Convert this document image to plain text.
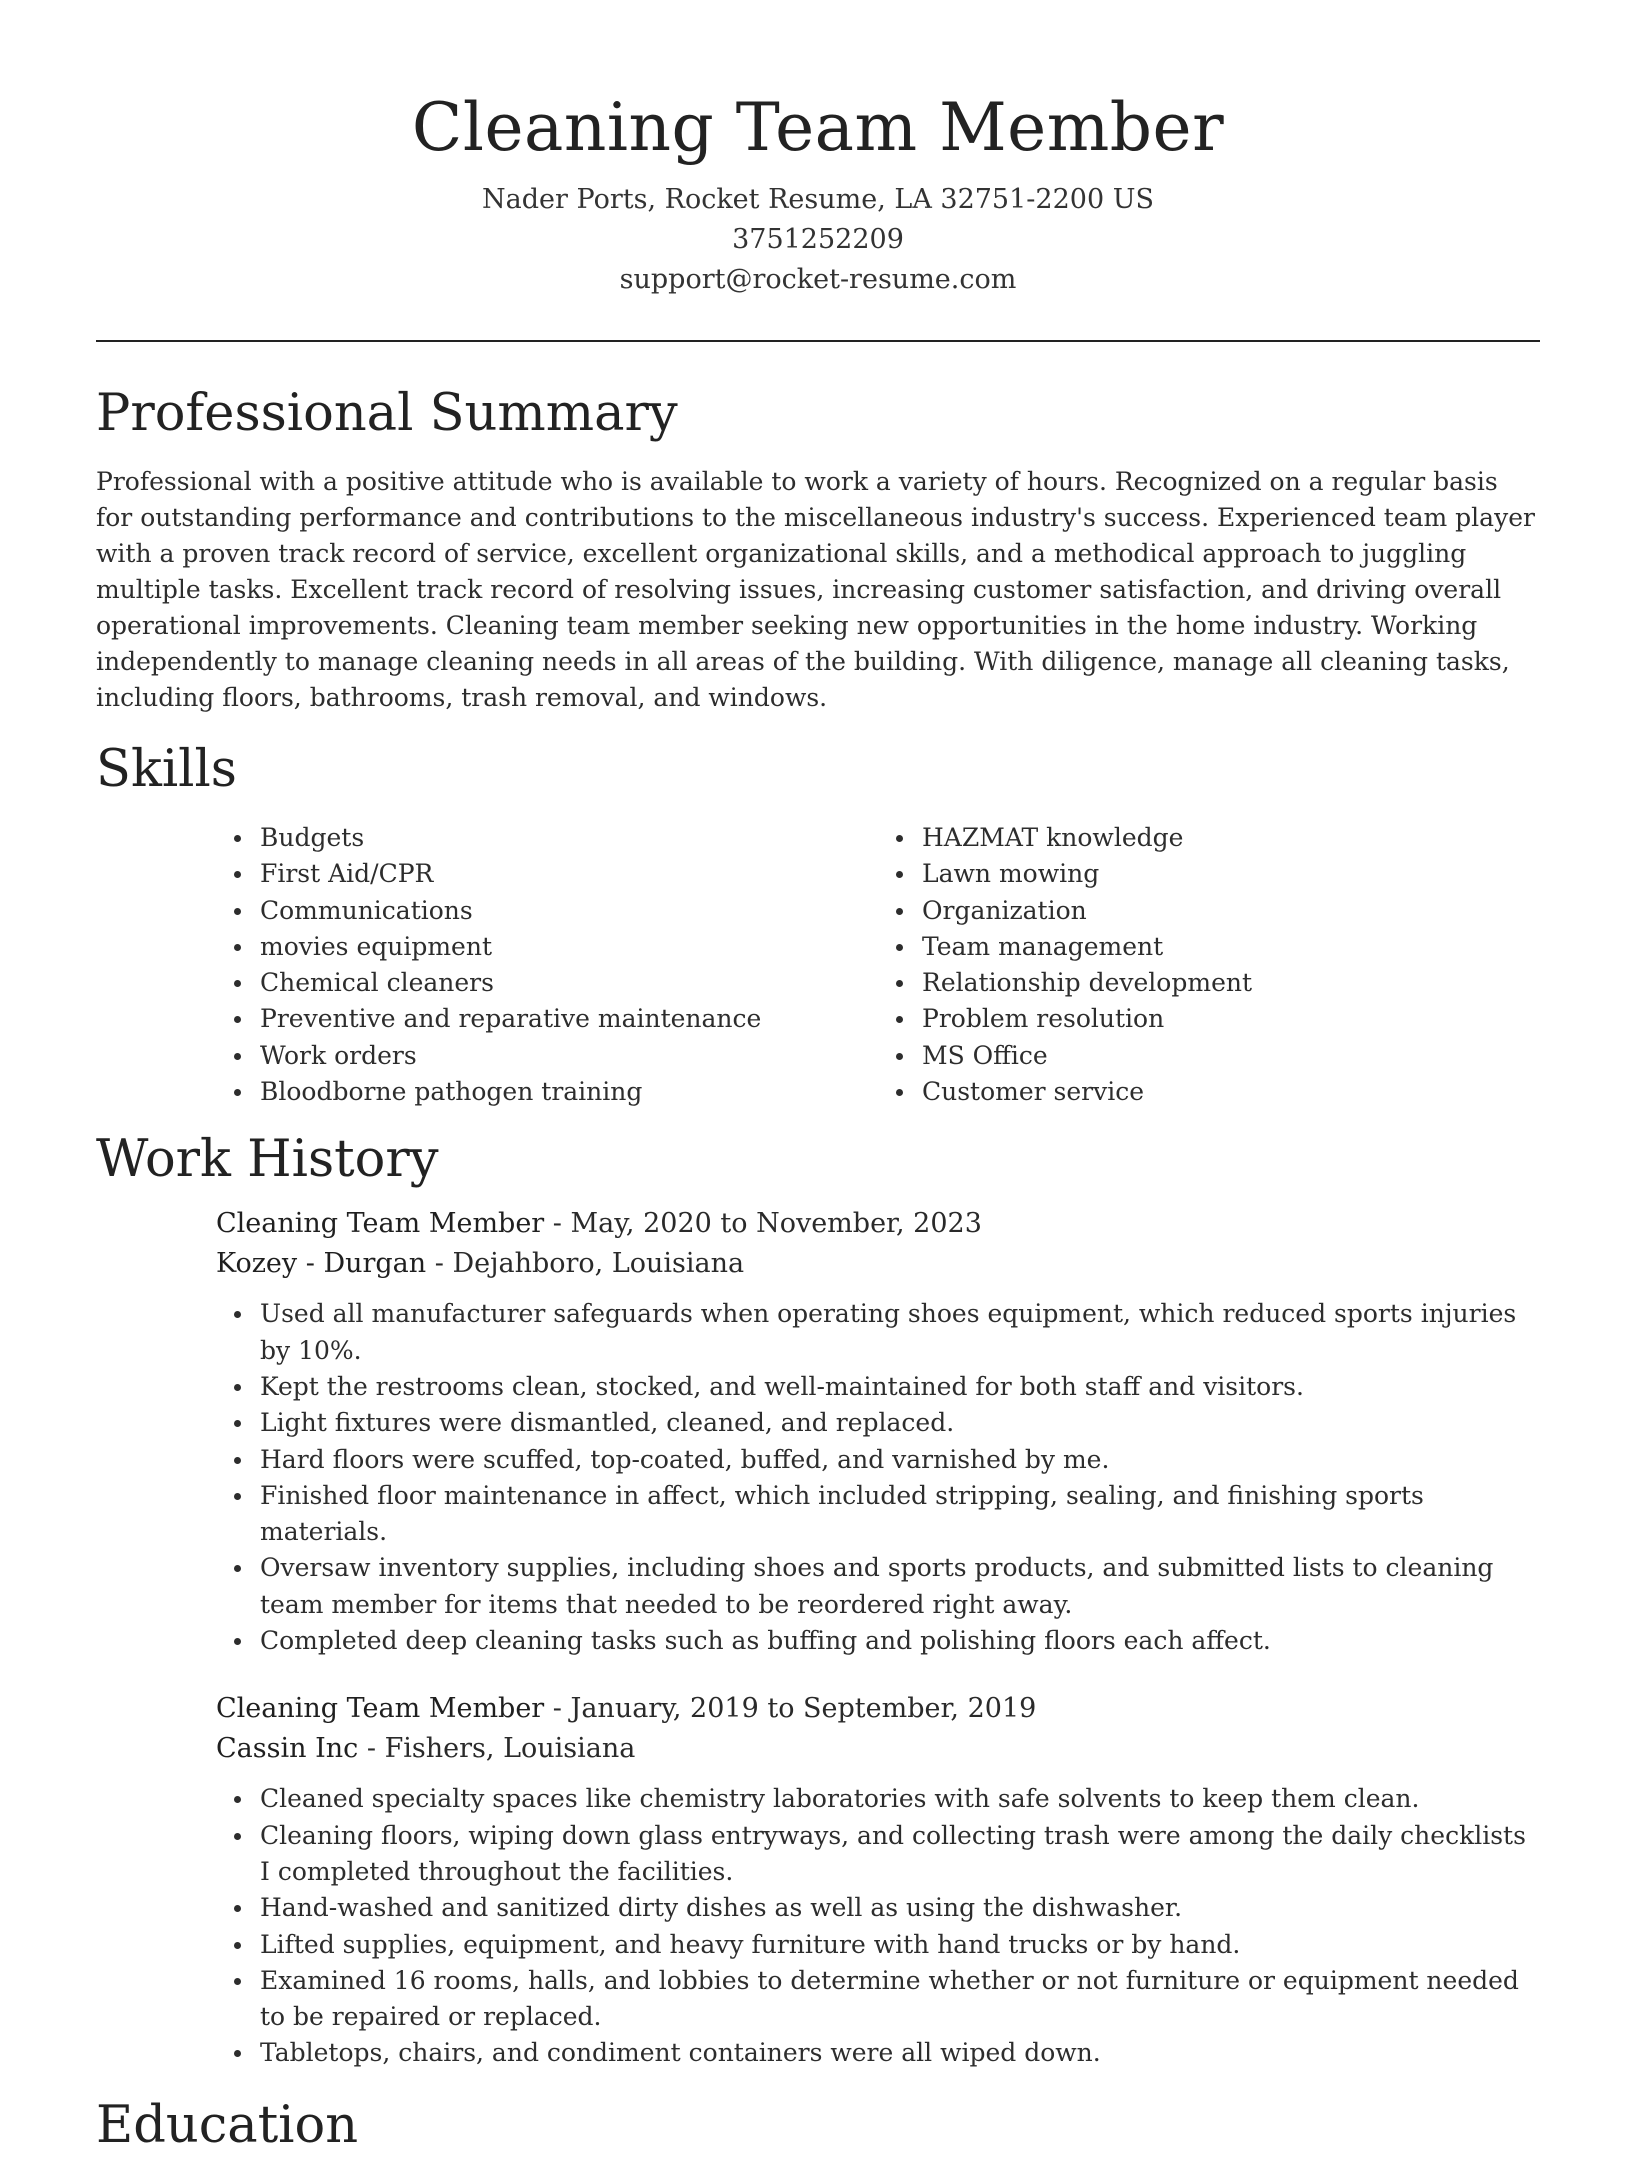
Cleaning Team Member
Nader Ports, Rocket Resume, LA 32751-2200 US
3751252209
support@rocket-resume.com
Professional Summary

Professional with a positive attitude who is available to work a variety of hours. Recognized on a regular basis for outstanding performance and contributions to the miscellaneous industry's success. Experienced team player with a proven track record of service, excellent organizational skills, and a methodical approach to juggling multiple tasks. Excellent track record of resolving issues, increasing customer satisfaction, and driving overall operational improvements. Cleaning team member seeking new opportunities in the home industry. Working independently to manage cleaning needs in all areas of the building. With diligence, manage all cleaning tasks, including floors, bathrooms, trash removal, and windows.

Skills
Budgets
First Aid/CPR
Communications
movies equipment
Chemical cleaners
Preventive and reparative maintenance
Work orders
Bloodborne pathogen training
HAZMAT knowledge
Lawn mowing
Organization
Team management
Relationship development
Problem resolution
MS Office
Customer service
Work History
Cleaning Team Member - May, 2020 to November, 2023
Kozey - Durgan - Dejahboro, Louisiana
Used all manufacturer safeguards when operating shoes equipment, which reduced sports injuries by 10%.
Kept the restrooms clean, stocked, and well-maintained for both staff and visitors.
Light fixtures were dismantled, cleaned, and replaced.
Hard floors were scuffed, top-coated, buffed, and varnished by me.
Finished floor maintenance in affect, which included stripping, sealing, and finishing sports materials.
Oversaw inventory supplies, including shoes and sports products, and submitted lists to cleaning team member for items that needed to be reordered right away.
Completed deep cleaning tasks such as buffing and polishing floors each affect.
Cleaning Team Member - January, 2019 to September, 2019
Cassin Inc - Fishers, Louisiana
Cleaned specialty spaces like chemistry laboratories with safe solvents to keep them clean.
Cleaning floors, wiping down glass entryways, and collecting trash were among the daily checklists I completed throughout the facilities.
Hand-washed and sanitized dirty dishes as well as using the dishwasher.
Lifted supplies, equipment, and heavy furniture with hand trucks or by hand.
Examined 16 rooms, halls, and lobbies to determine whether or not furniture or equipment needed to be repaired or replaced.
Tabletops, chairs, and condiment containers were all wiped down.
Education
